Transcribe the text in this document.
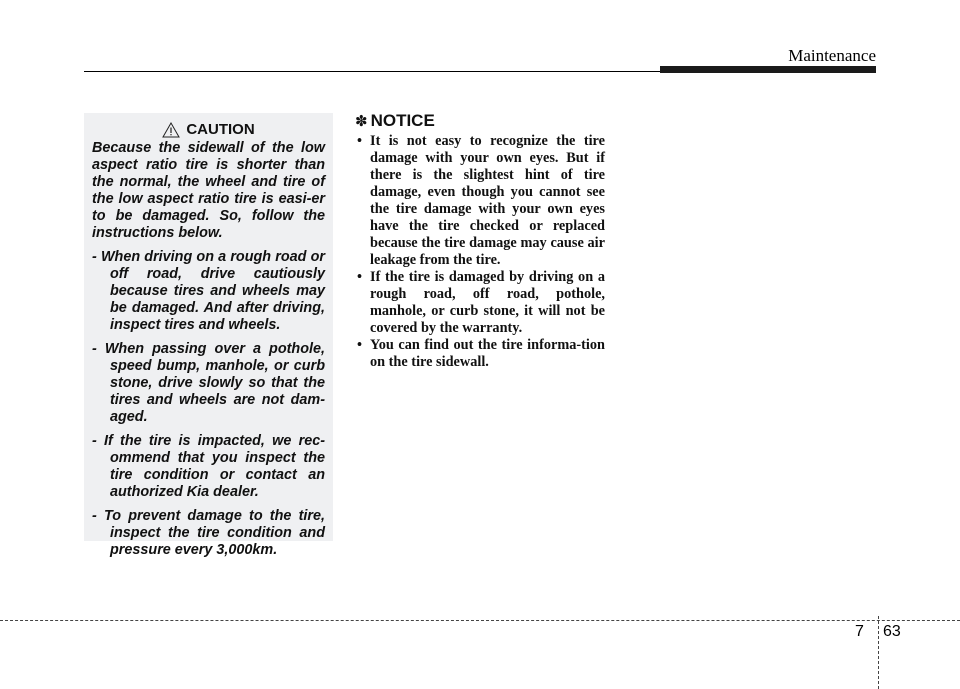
Maintenance
CAUTION

Because the sidewall of the low aspect ratio tire is shorter than the normal, the wheel and tire of the low aspect ratio tire is easi-er to be damaged. So, follow the instructions below.

- When driving on a rough road or off road, drive cautiously because tires and wheels may be damaged. And after driving, inspect tires and wheels.

- When passing over a pothole, speed bump, manhole, or curb stone, drive slowly so that the tires and wheels are not dam-aged.

- If the tire is impacted, we rec-ommend that you inspect the tire condition or contact an authorized Kia dealer.

- To prevent damage to the tire, inspect the tire condition and pressure every 3,000km.

✽ NOTICE
• It is not easy to recognize the tire damage with your own eyes. But if there is the slightest hint of tire damage, even though you cannot see the tire damage with your own eyes have the tire checked or replaced because the tire damage may cause air leakage from the tire.
• If the tire is damaged by driving on a rough road, off road, pothole, manhole, or curb stone, it will not be covered by the warranty.
• You can find out the tire informa-tion on the tire sidewall.
7 63
